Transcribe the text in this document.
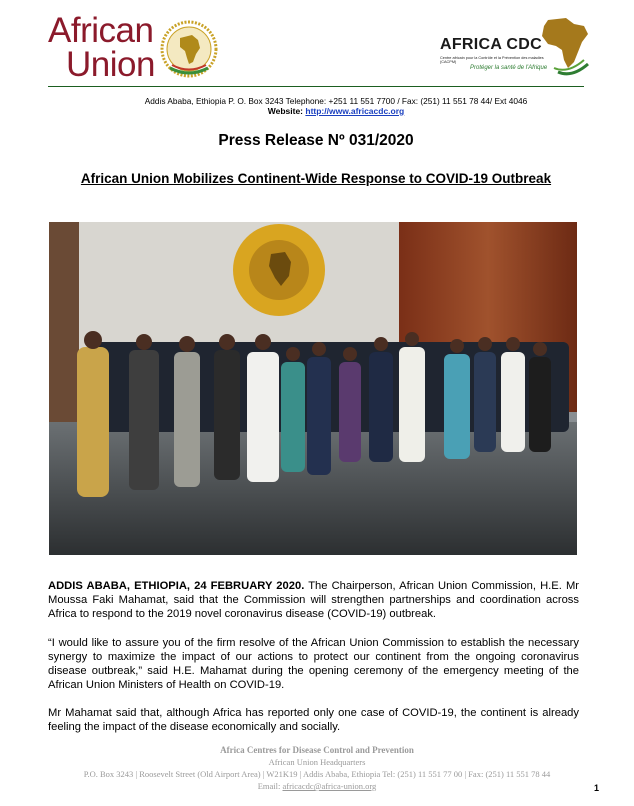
African
Union
AFRICA CDC
Centre africain pour la Contrôle et la Prévention des maladies (CACPM)
Protéger la santé de l'Afrique
Addis Ababa, Ethiopia P. O. Box 3243 Telephone: +251 11 551 7700 / Fax: (251) 11 551 78 44/ Ext 4046
Website: http://www.africacdc.org
Press Release Nº 031/2020
African Union Mobilizes Continent-Wide Response to COVID-19 Outbreak
ADDIS ABABA, ETHIOPIA, 24 FEBRUARY 2020. The Chairperson, African Union Commission, H.E. Mr Moussa Faki Mahamat, said that the Commission will strengthen partnerships and coordination across Africa to respond to the 2019 novel coronavirus disease (COVID-19) outbreak.
“I would like to assure you of the firm resolve of the African Union Commission to establish the necessary synergy to maximize the impact of our actions to protect our continent from the ongoing coronavirus disease outbreak,” said H.E. Mahamat during the opening ceremony of the emergency meeting of the African Union Ministers of Health on COVID-19.
Mr Mahamat said that, although Africa has reported only one case of COVID-19, the continent is already feeling the impact of the disease economically and socially.
Africa Centres for Disease Control and Prevention
African Union Headquarters
P.O. Box 3243 | Roosevelt Street (Old Airport Area) | W21K19 | Addis Ababa, Ethiopia Tel: (251) 11 551 77 00 | Fax: (251) 11 551 78 44
Email: africacdc@africa-union.org	1
